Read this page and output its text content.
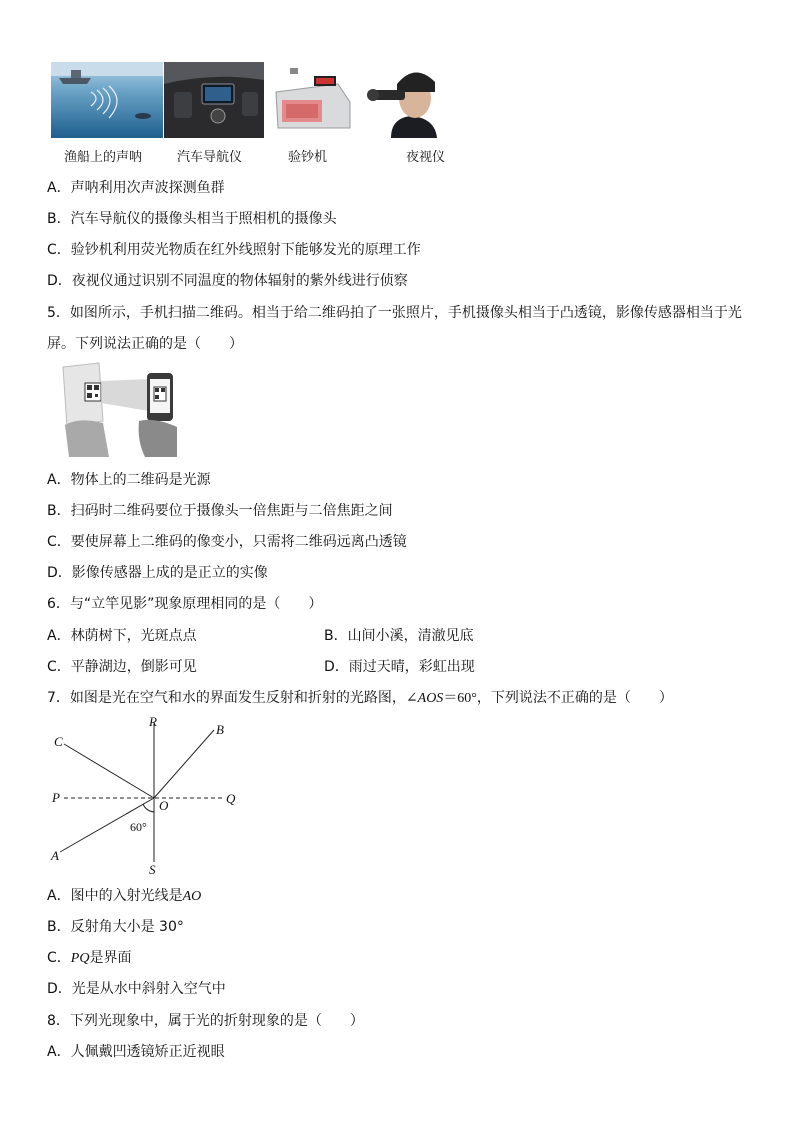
渔船上的声呐	汽车导航仪	验钞机	夜视仪
A．声呐利用次声波探测鱼群
B．汽车导航仪的摄像头相当于照相机的摄像头
C．验钞机利用荧光物质在红外线照射下能够发光的原理工作
D．夜视仪通过识别不同温度的物体辐射的紫外线进行侦察
5．如图所示，手机扫描二维码。相当于给二维码拍了一张照片，手机摄像头相当于凸透镜，影像传感器相当于光
屏。下列说法正确的是（　　）
A．物体上的二维码是光源
B．扫码时二维码要位于摄像头一倍焦距与二倍焦距之间
C．要使屏幕上二维码的像变小，只需将二维码远离凸透镜
D．影像传感器上成的是正立的实像
6．与“立竿见影”现象原理相同的是（　　）
A．林荫树下，光斑点点	B．山间小溪，清澈见底
C．平静湖边，倒影可见	D．雨过天晴，彩虹出现
7．如图是光在空气和水的界面发生反射和折射的光路图，∠AOS＝60°，下列说法不正确的是（　　）
R
B
C
P
O	Q
A
S
60°
A．图中的入射光线是AO
B．反射角大小是 30°
C．PQ是界面
D．光是从水中斜射入空气中
8．下列光现象中，属于光的折射现象的是（　　）
A．人佩戴凹透镜矫正近视眼
